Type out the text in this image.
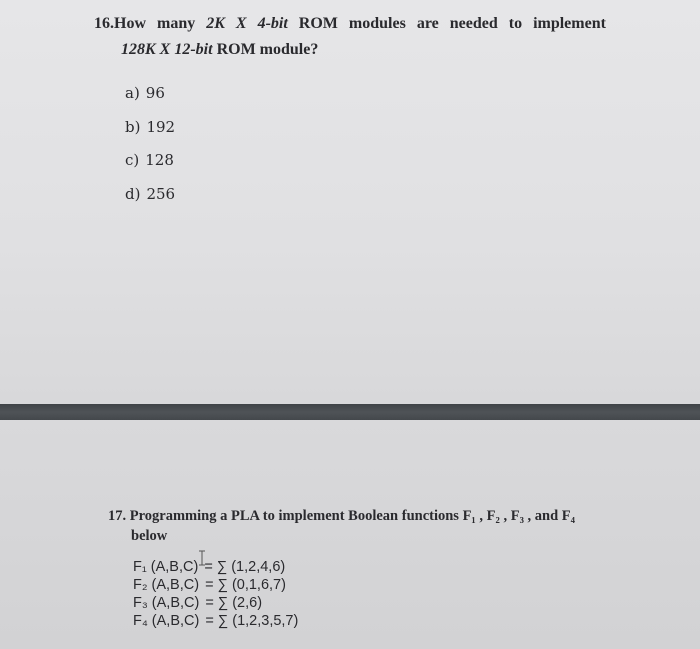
16.How many 2K X 4-bit ROM modules are needed to implement
128K X 12-bit ROM module?
a) 96
b) 192
c) 128
d) 256
17. Programming a PLA to implement Boolean functions F₁ , F₂ , F₃ , and F₄
below
F₁ (A,B,C) = ∑ (1,2,4,6)
F₂ (A,B,C) = ∑ (0,1,6,7)
F₃ (A,B,C) = ∑ (2,6)
F₄ (A,B,C) = ∑ (1,2,3,5,7)
